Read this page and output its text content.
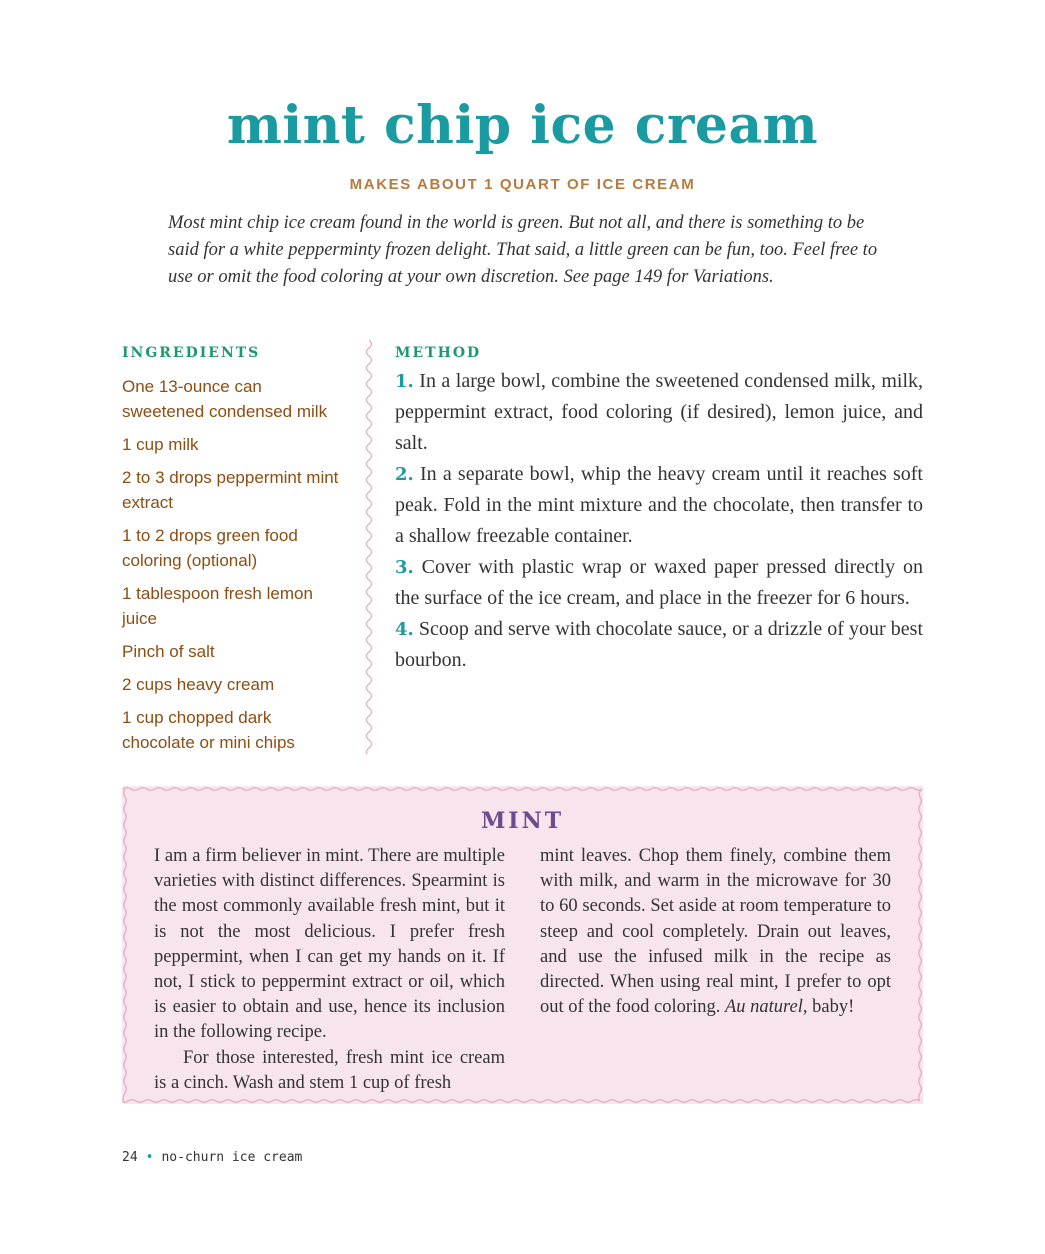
mint chip ice cream

MAKES ABOUT 1 QUART OF ICE CREAM

Most mint chip ice cream found in the world is green. But not all, and there is something to be said for a white pepperminty frozen delight. That said, a little green can be fun, too. Feel free to use or omit the food coloring at your own discretion. See page 149 for Variations.

INGREDIENTS
One 13-ounce can sweetened condensed milk
1 cup milk
2 to 3 drops peppermint mint extract
1 to 2 drops green food coloring (optional)
1 tablespoon fresh lemon juice
Pinch of salt
2 cups heavy cream
1 cup chopped dark chocolate or mini chips
METHOD

1. In a large bowl, combine the sweetened condensed milk, milk, peppermint extract, food coloring (if desired), lemon juice, and salt.

2. In a separate bowl, whip the heavy cream until it reaches soft peak. Fold in the mint mixture and the chocolate, then transfer to a shallow freezable container.

3. Cover with plastic wrap or waxed paper pressed directly on the surface of the ice cream, and place in the freezer for 6 hours.

4. Scoop and serve with chocolate sauce, or a drizzle of your best bourbon.

MINT

I am a firm believer in mint. There are multiple varieties with distinct differences. Spearmint is the most commonly available fresh mint, but it is not the most delicious. I prefer fresh peppermint, when I can get my hands on it. If not, I stick to peppermint extract or oil, which is easier to obtain and use, hence its inclusion in the following recipe.

For those interested, fresh mint ice cream is a cinch. Wash and stem 1 cup of fresh

mint leaves. Chop them finely, combine them with milk, and warm in the microwave for 30 to 60 seconds. Set aside at room temperature to steep and cool completely. Drain out leaves, and use the infused milk in the recipe as directed. When using real mint, I prefer to opt out of the food coloring. Au naturel, baby!

24 • no-churn ice cream
